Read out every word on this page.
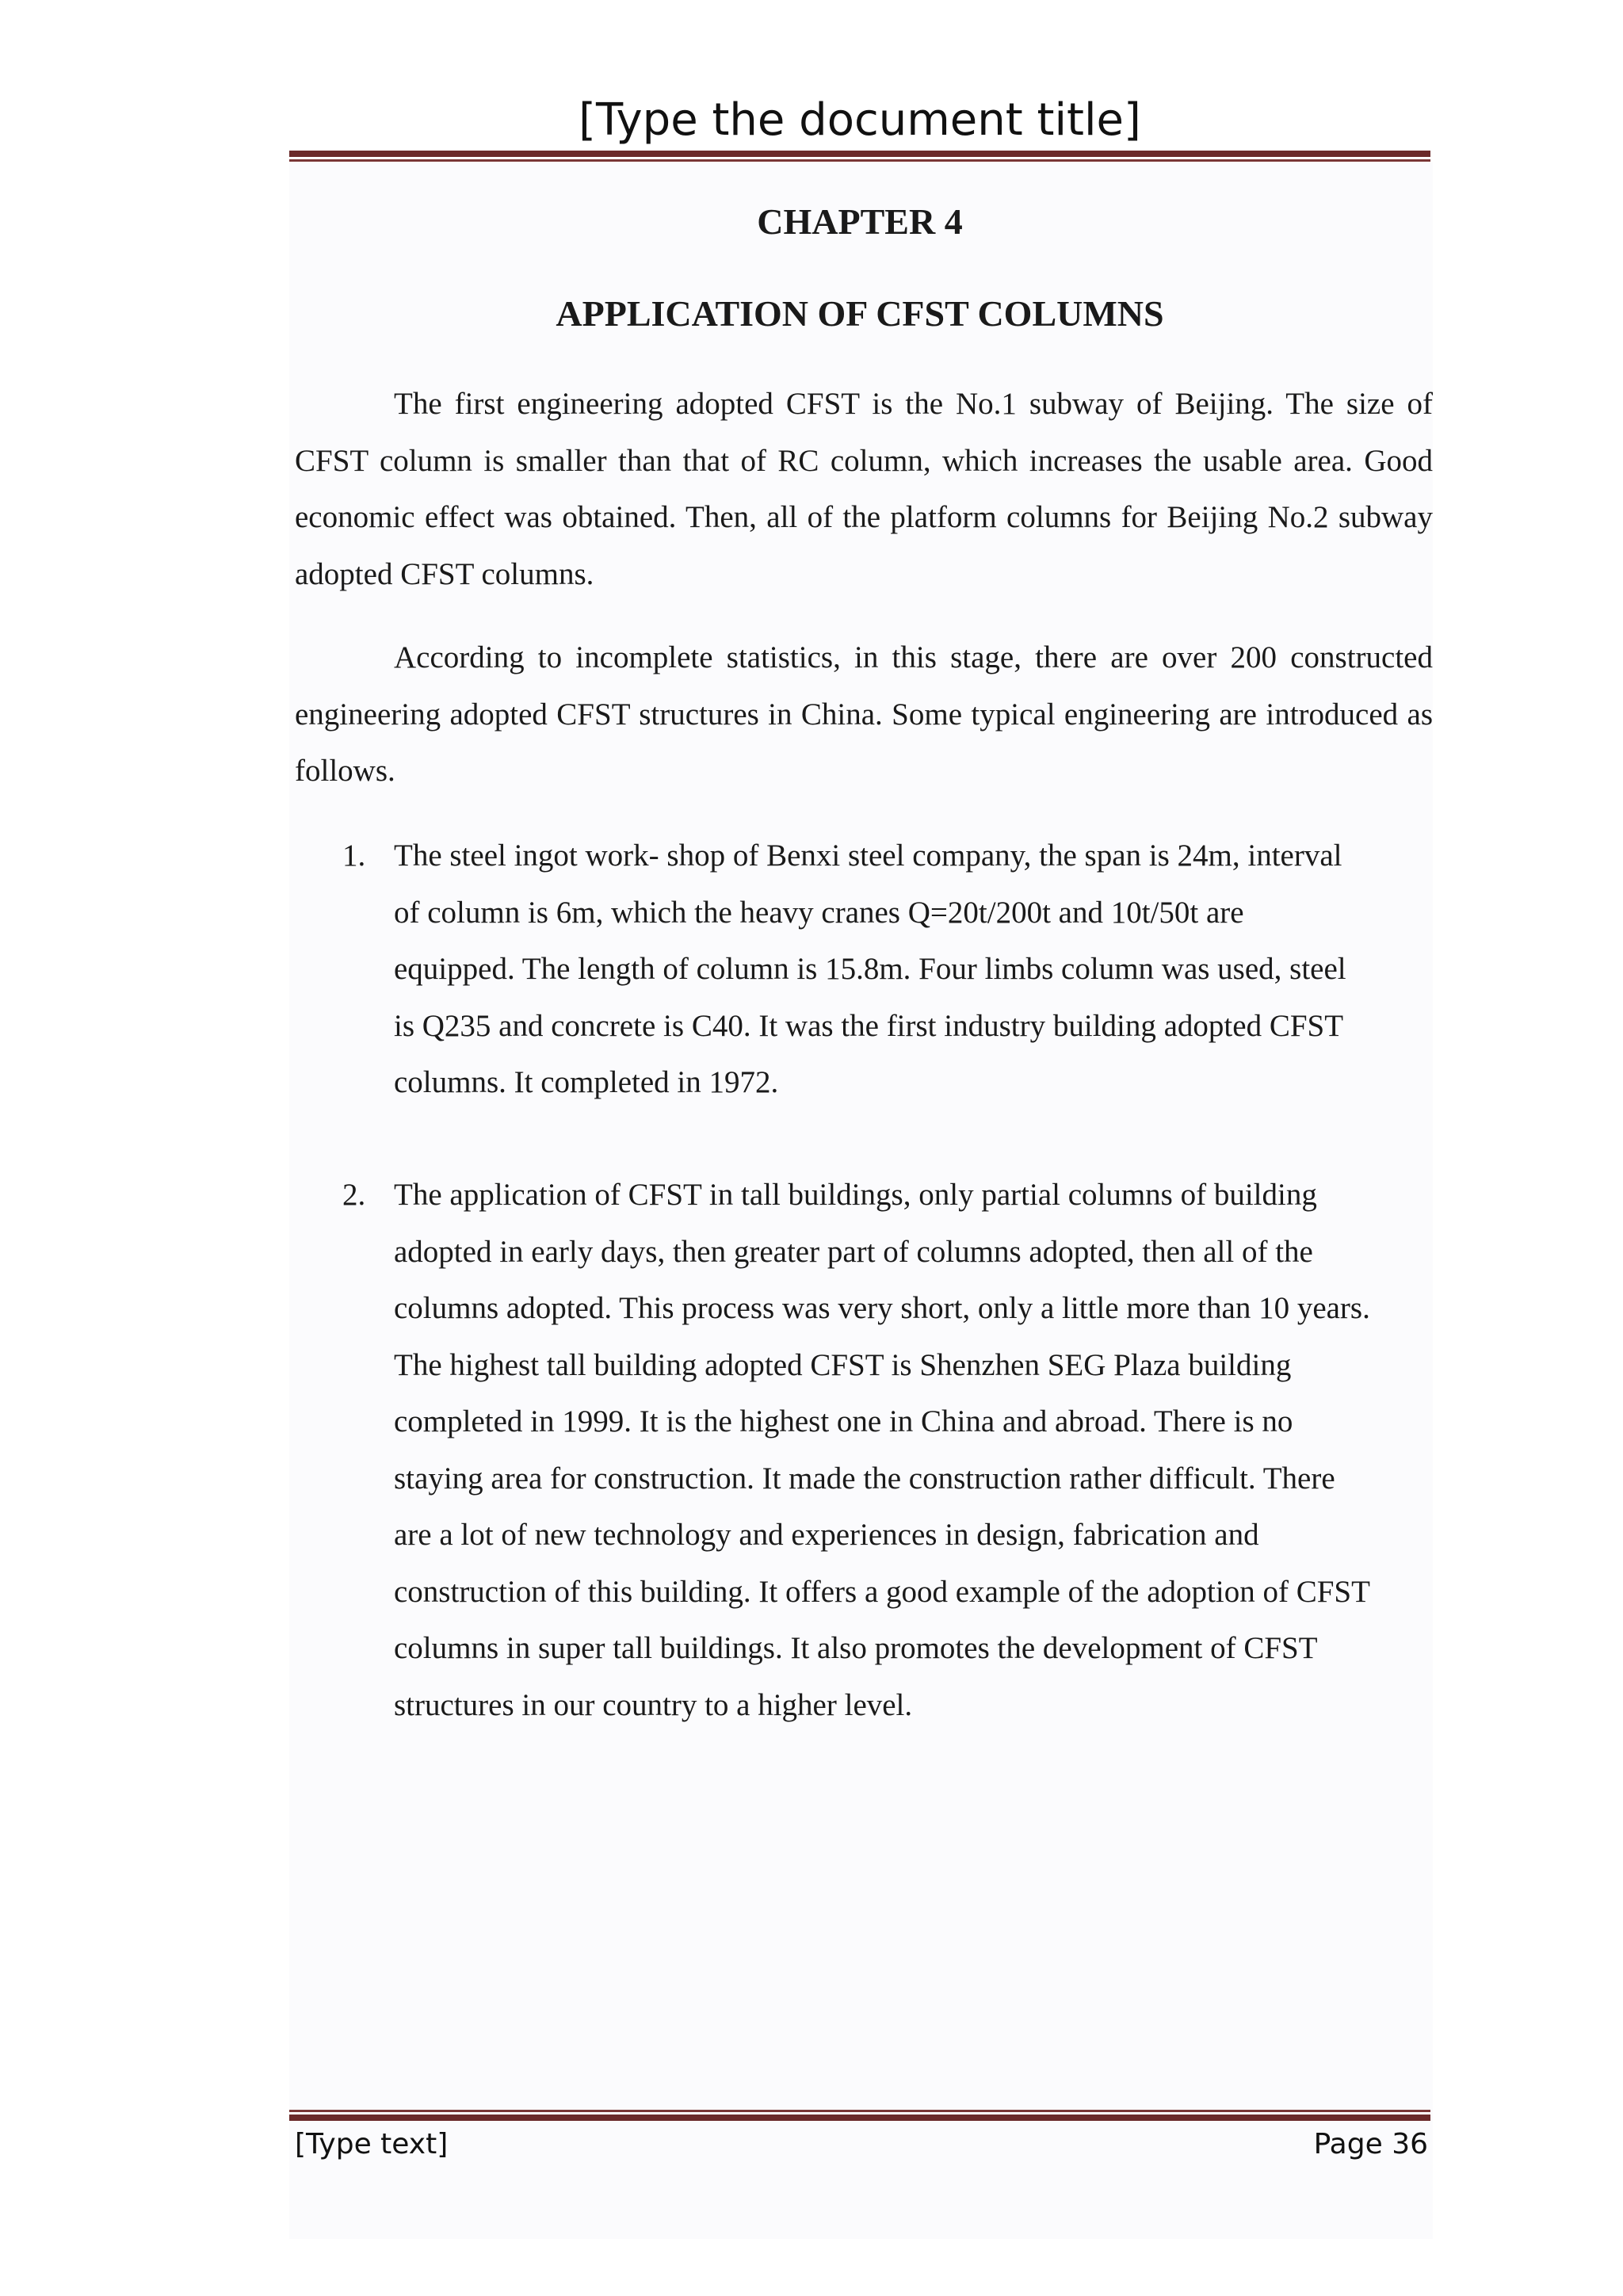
[Type the document title]
CHAPTER 4
APPLICATION OF CFST COLUMNS

The first engineering adopted CFST is the No.1 subway of Beijing. The size of CFST column is smaller than that of RC column, which increases the usable area. Good economic effect was obtained. Then, all of the platform columns for Beijing No.2 subway adopted CFST columns.

According to incomplete statistics, in this stage, there are over 200 constructed engineering adopted CFST structures in China. Some typical engineering are introduced as follows.

1. The steel ingot work- shop of Benxi steel company, the span is 24m, interval
of column is 6m, which the heavy cranes Q=20t/200t and 10t/50t are
equipped. The length of column is 15.8m. Four limbs column was used, steel
is Q235 and concrete is C40. It was the first industry building adopted CFST
columns. It completed in 1972.
2. The application of CFST in tall buildings, only partial columns of building
adopted in early days, then greater part of columns adopted, then all of the
columns adopted. This process was very short, only a little more than 10 years.
The highest tall building adopted CFST is Shenzhen SEG Plaza building
completed in 1999. It is the highest one in China and abroad. There is no
staying area for construction. It made the construction rather difficult. There
are a lot of new technology and experiences in design, fabrication and
construction of this building. It offers a good example of the adoption of CFST
columns in super tall buildings. It also promotes the development of CFST
structures in our country to a higher level.
[Type text]	Page 36
